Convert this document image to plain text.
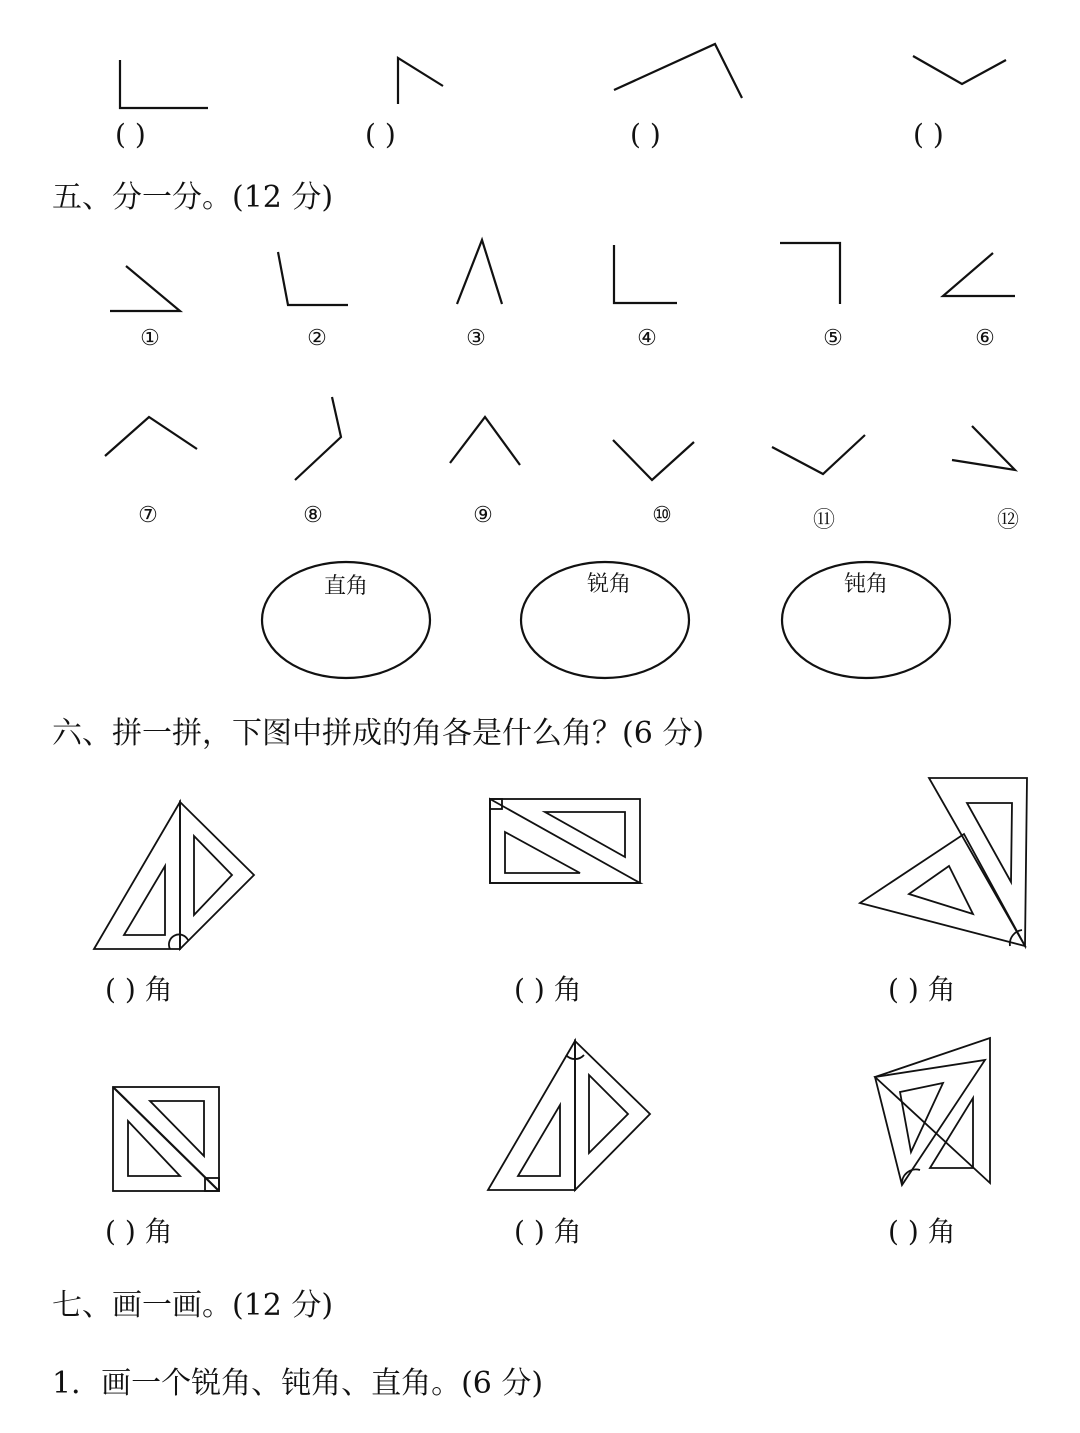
( )	( )	( )	( )
五、分一分。(12 分)
①	②	③	④	⑤	⑥
⑦	⑧	⑨	⑩	⑪	⑫
直角	锐角	钝角
六、拼一拼，下图中拼成的角各是什么角？(6 分)
( ) 角	( ) 角	( ) 角
( ) 角	( ) 角	( ) 角
七、画一画。(12 分)
1．画一个锐角、钝角、直角。(6 分)
